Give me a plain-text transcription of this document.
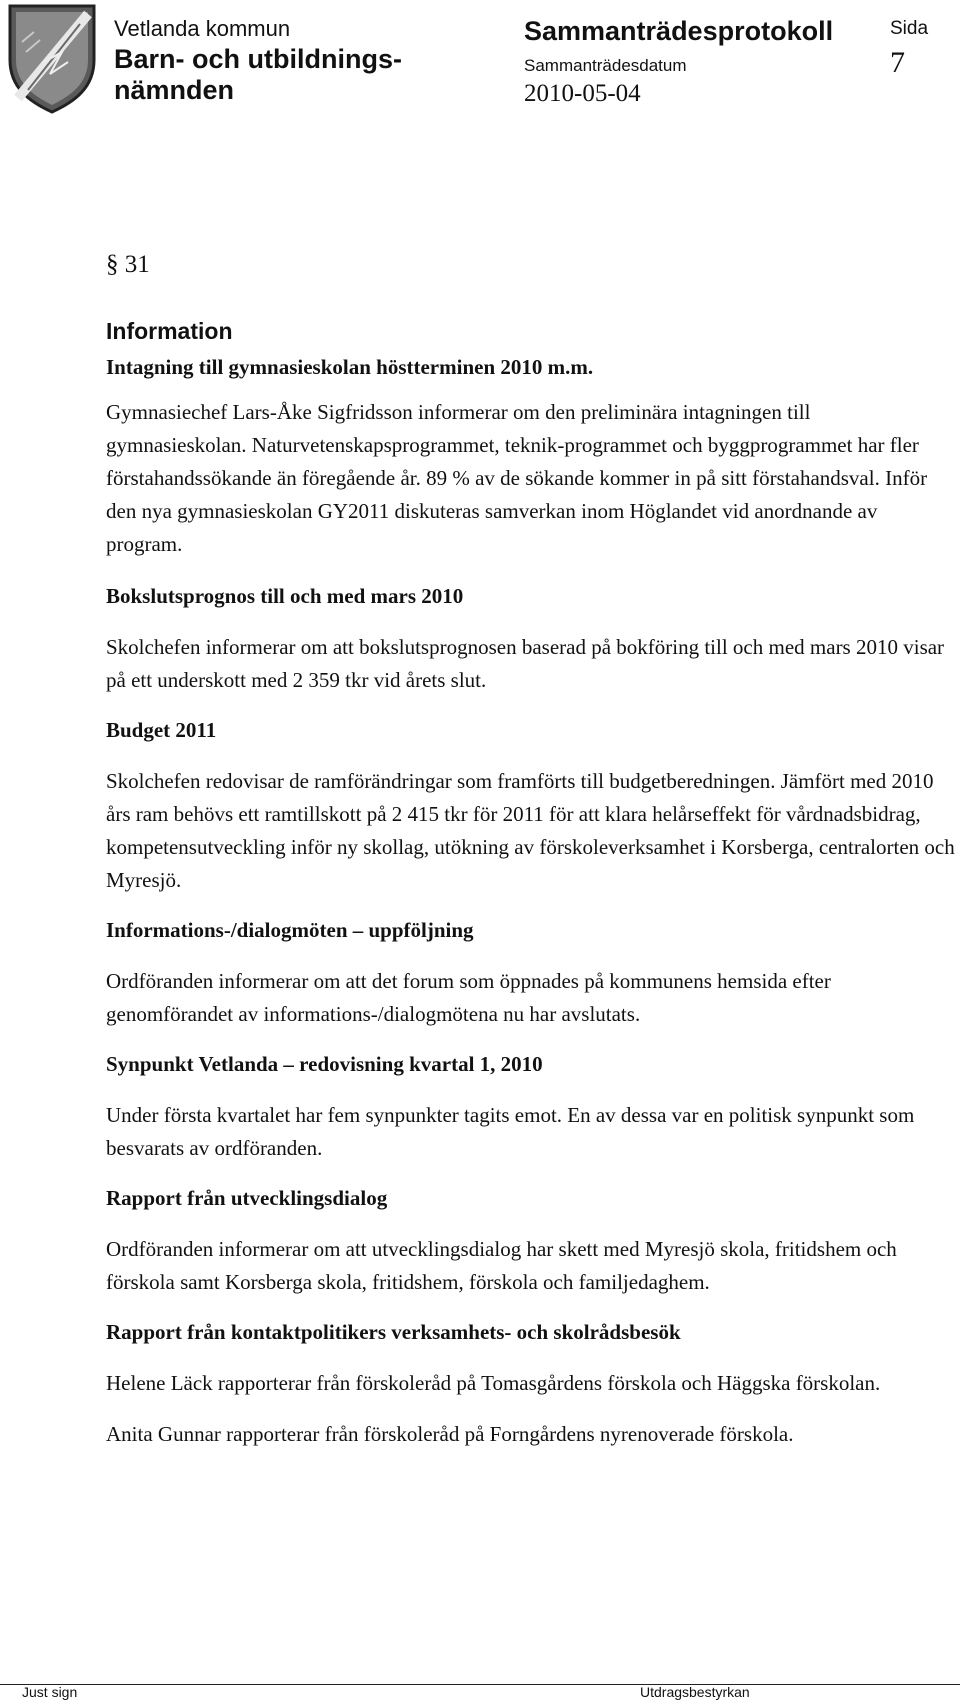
Vetlanda kommun
Barn- och utbildnings-nämnden
Sammanträdesprotokoll
Sammanträdesdatum
2010-05-04
Sida
7

§ 31

Information

Intagning till gymnasieskolan höstterminen 2010 m.m.

Gymnasiechef Lars-Åke Sigfridsson informerar om den preliminära intagningen till gymnasieskolan. Naturvetenskapsprogrammet, teknik-programmet och byggprogrammet har fler förstahandssökande än föregående år. 89 % av de sökande kommer in på sitt förstahandsval. Inför den nya gymnasieskolan GY2011 diskuteras samverkan inom Höglandet vid anordnande av program.

Bokslutsprognos till och med mars 2010

Skolchefen informerar om att bokslutsprognosen baserad på bokföring till och med mars 2010 visar på ett underskott med 2 359 tkr vid årets slut.

Budget 2011

Skolchefen redovisar de ramförändringar som framförts till budgetberedningen. Jämfört med 2010 års ram behövs ett ramtillskott på 2 415 tkr för 2011 för att klara helårseffekt för vårdnadsbidrag, kompetensutveckling inför ny skollag, utökning av förskoleverksamhet i Korsberga, centralorten och Myresjö.

Informations-/dialogmöten – uppföljning

Ordföranden informerar om att det forum som öppnades på kommunens hemsida efter genomförandet av informations-/dialogmötena nu har avslutats.

Synpunkt Vetlanda – redovisning kvartal 1, 2010

Under första kvartalet har fem synpunkter tagits emot. En av dessa var en politisk synpunkt som besvarats av ordföranden.

Rapport från utvecklingsdialog

Ordföranden informerar om att utvecklingsdialog har skett med Myresjö skola, fritidshem och förskola samt Korsberga skola, fritidshem, förskola och familjedaghem.

Rapport från kontaktpolitikers verksamhets- och skolrådsbesök

Helene Läck rapporterar från förskoleråd på Tomasgårdens förskola och Häggska förskolan.

Anita Gunnar rapporterar från förskoleråd på Forngårdens nyrenoverade förskola.

Just sign	Utdragsbestyrkan
